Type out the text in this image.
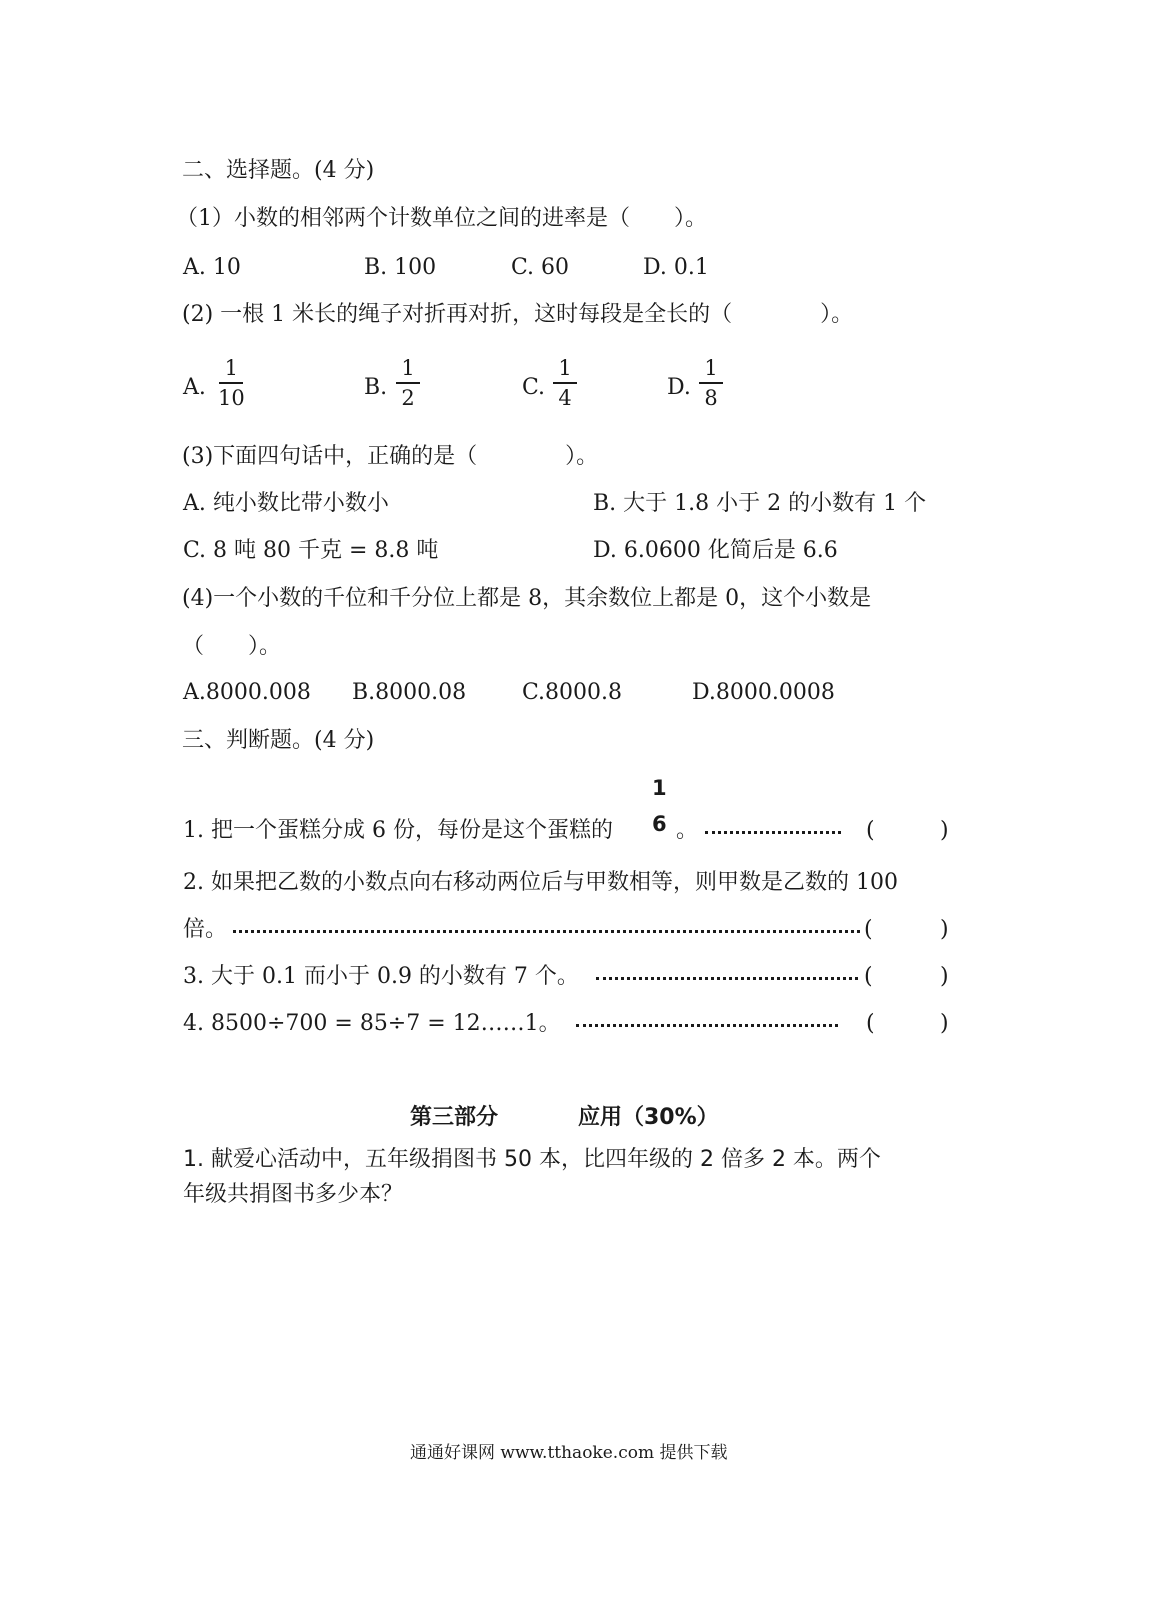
二、选择题。(4 分)
（1）小数的相邻两个计数单位之间的进率是（　　）。
A. 10	B. 100	C. 60	D. 0.1
(2) 一根 1 米长的绳子对折再对折，这时每段是全长的（　　　　）。
A.
1
10	B.
1
2	C.
1
4	D.
1
8
(3)下面四句话中，正确的是（　　　　）。
A. 纯小数比带小数小	B. 大于 1.8 小于 2 的小数有 1 个
C. 8 吨 80 千克 = 8.8 吨	D. 6.0600 化简后是 6.6
(4)一个小数的千位和千分位上都是 8，其余数位上都是 0，这个小数是
（　　）。
A.8000.008 B.8000.08	C.8000.8	D.8000.0008
三、判断题。(4 分)
1. 把一个蛋糕分成 6 份，每份是这个蛋糕的
1
6 。	(	)
2. 如果把乙数的小数点向右移动两位后与甲数相等，则甲数是乙数的 100
倍。	(	)
3. 大于 0.1 而小于 0.9 的小数有 7 个。	(	)
4. 8500÷700 = 85÷7 = 12……1。	(	)
第三部分	应用（30%）
1. 献爱心活动中，五年级捐图书 50 本，比四年级的 2 倍多 2 本。两个
年级共捐图书多少本？
通通好课网 www.tthaoke.com 提供下载
